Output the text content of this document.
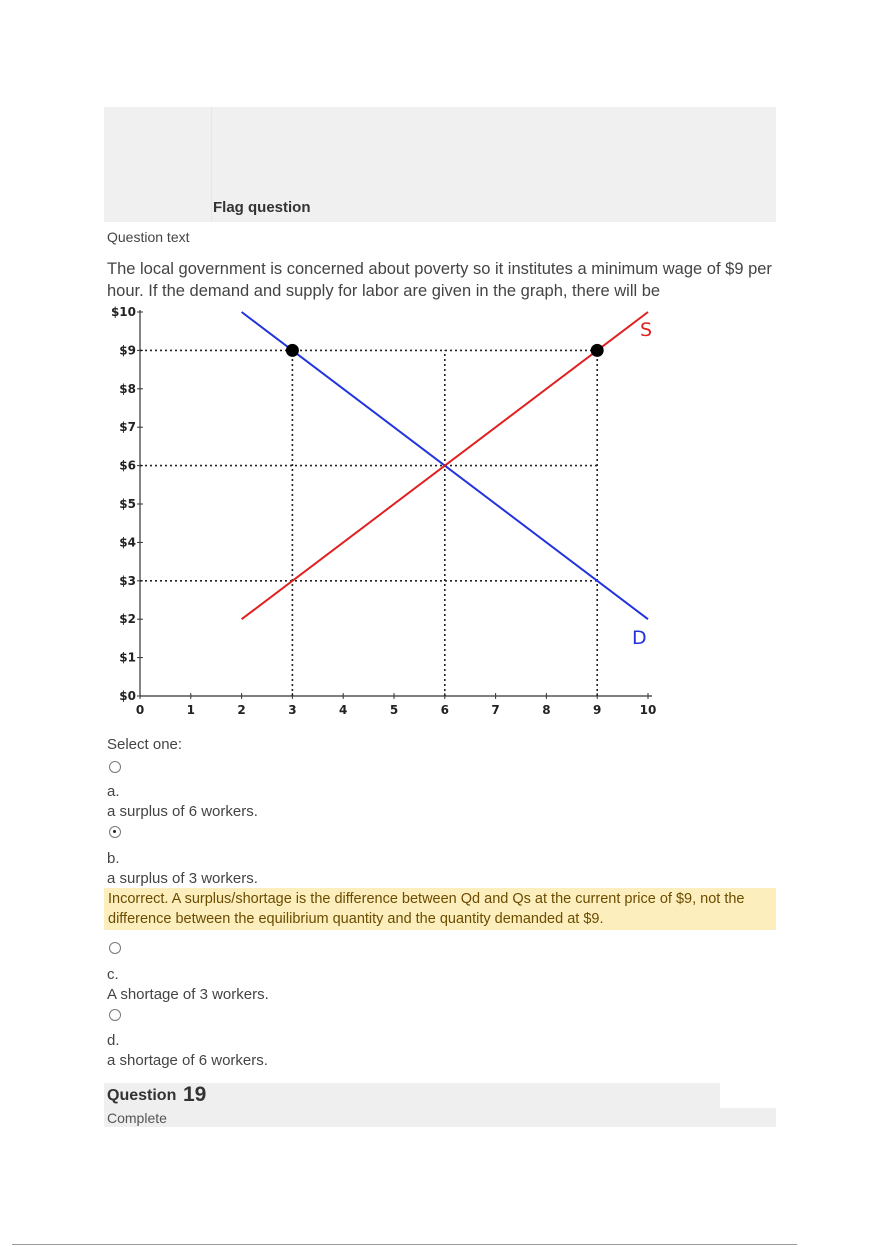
Flag question
Question text
The local government is concerned about poverty so it institutes a minimum wage of $9 per hour. If the demand and supply for labor are given in the graph, there will be
0	1	2	3	4	5	6	7	8	9	10
$0
$1
$2
$3
$4
$5
$6
$7
$8
$9
$10
S
D
Select one:
a.
a surplus of 6 workers.
b.
a surplus of 3 workers.
Incorrect. A surplus/shortage is the difference between Qd and Qs at the current price of $9, not the difference between the equilibrium quantity and the quantity demanded at $9.
c.
A shortage of 3 workers.
d.
a shortage of 6 workers.
Question 19
Complete
